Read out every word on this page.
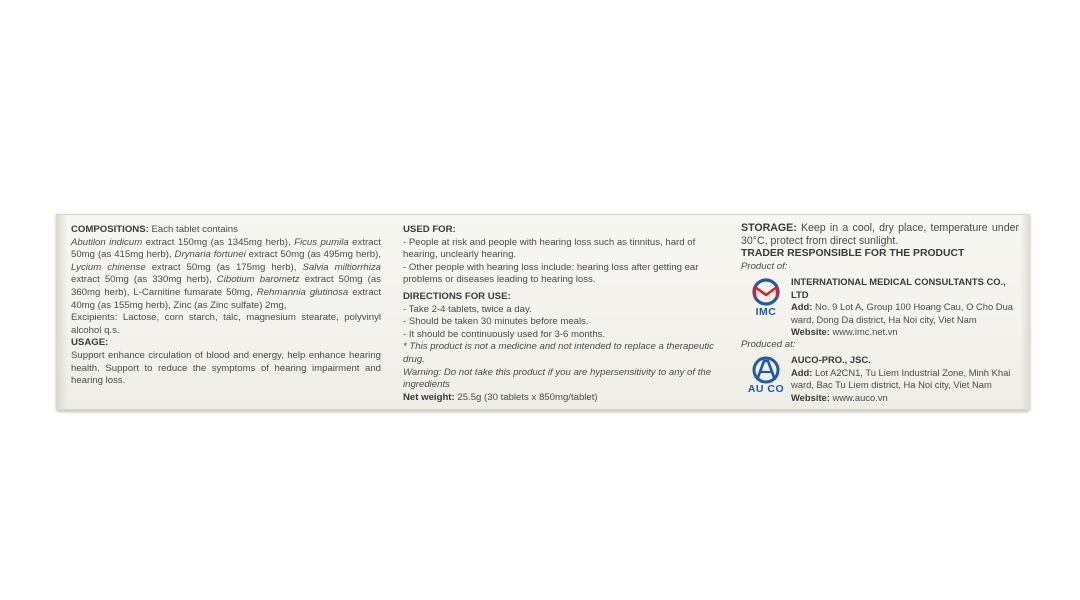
COMPOSITIONS: Each tablet contains
Abutilon indicum extract 150mg (as 1345mg herb), Ficus pumila extract 50mg (as 415mg herb), Drynaria fortunei extract 50mg (as 495mg herb), Lycium chinense extract 50mg (as 175mg herb), Salvia miltiorrhiza extract 50mg (as 330mg herb), Cibotium barometz extract 50mg (as 360mg herb), L-Carnitine fumarate 50mg, Rehmannia glutinosa extract 40mg (as 155mg herb), Zinc (as Zinc sulfate) 2mg,
Excipients: Lactose, corn starch, talc, magnesium stearate, polyvinyl alcohol q.s.

USAGE:

Support enhance circulation of blood and energy, help enhance hearing health. Support to reduce the symptoms of hearing impairment and hearing loss.

USED FOR:

- People at risk and people with hearing loss such as tinnitus, hard of hearing, unclearly hearing.
- Other people with hearing loss include: hearing loss after getting ear problems or diseases leading to hearing loss.

DIRECTIONS FOR USE:

- Take 2-4 tablets, twice a day.
- Should be taken 30 minutes before meals.
- It should be continuously used for 3-6 months.

* This product is not a medicine and not intended to replace a therapeutic drug.

Warning: Do not take this product if you are hypersensitivity to any of the ingredients

Net weight: 25.5g (30 tablets x 850mg/tablet)

STORAGE: Keep in a cool, dry place, temperature under 30°C, protect from direct sunlight.

TRADER RESPONSIBLE FOR THE PRODUCT

Product of:

IMC

INTERNATIONAL MEDICAL CONSULTANTS CO., LTD

Add: No. 9 Lot A, Group 100 Hoang Cau, O Cho Dua ward, Dong Da district, Ha Noi city, Viet Nam

Website: www.imc.net.vn

Produced at:

AU CO

AUCO-PRO., JSC.

Add: Lot A2CN1, Tu Liem Industrial Zone, Minh Khai ward, Bac Tu Liem district, Ha Noi city, Viet Nam

Website: www.auco.vn
